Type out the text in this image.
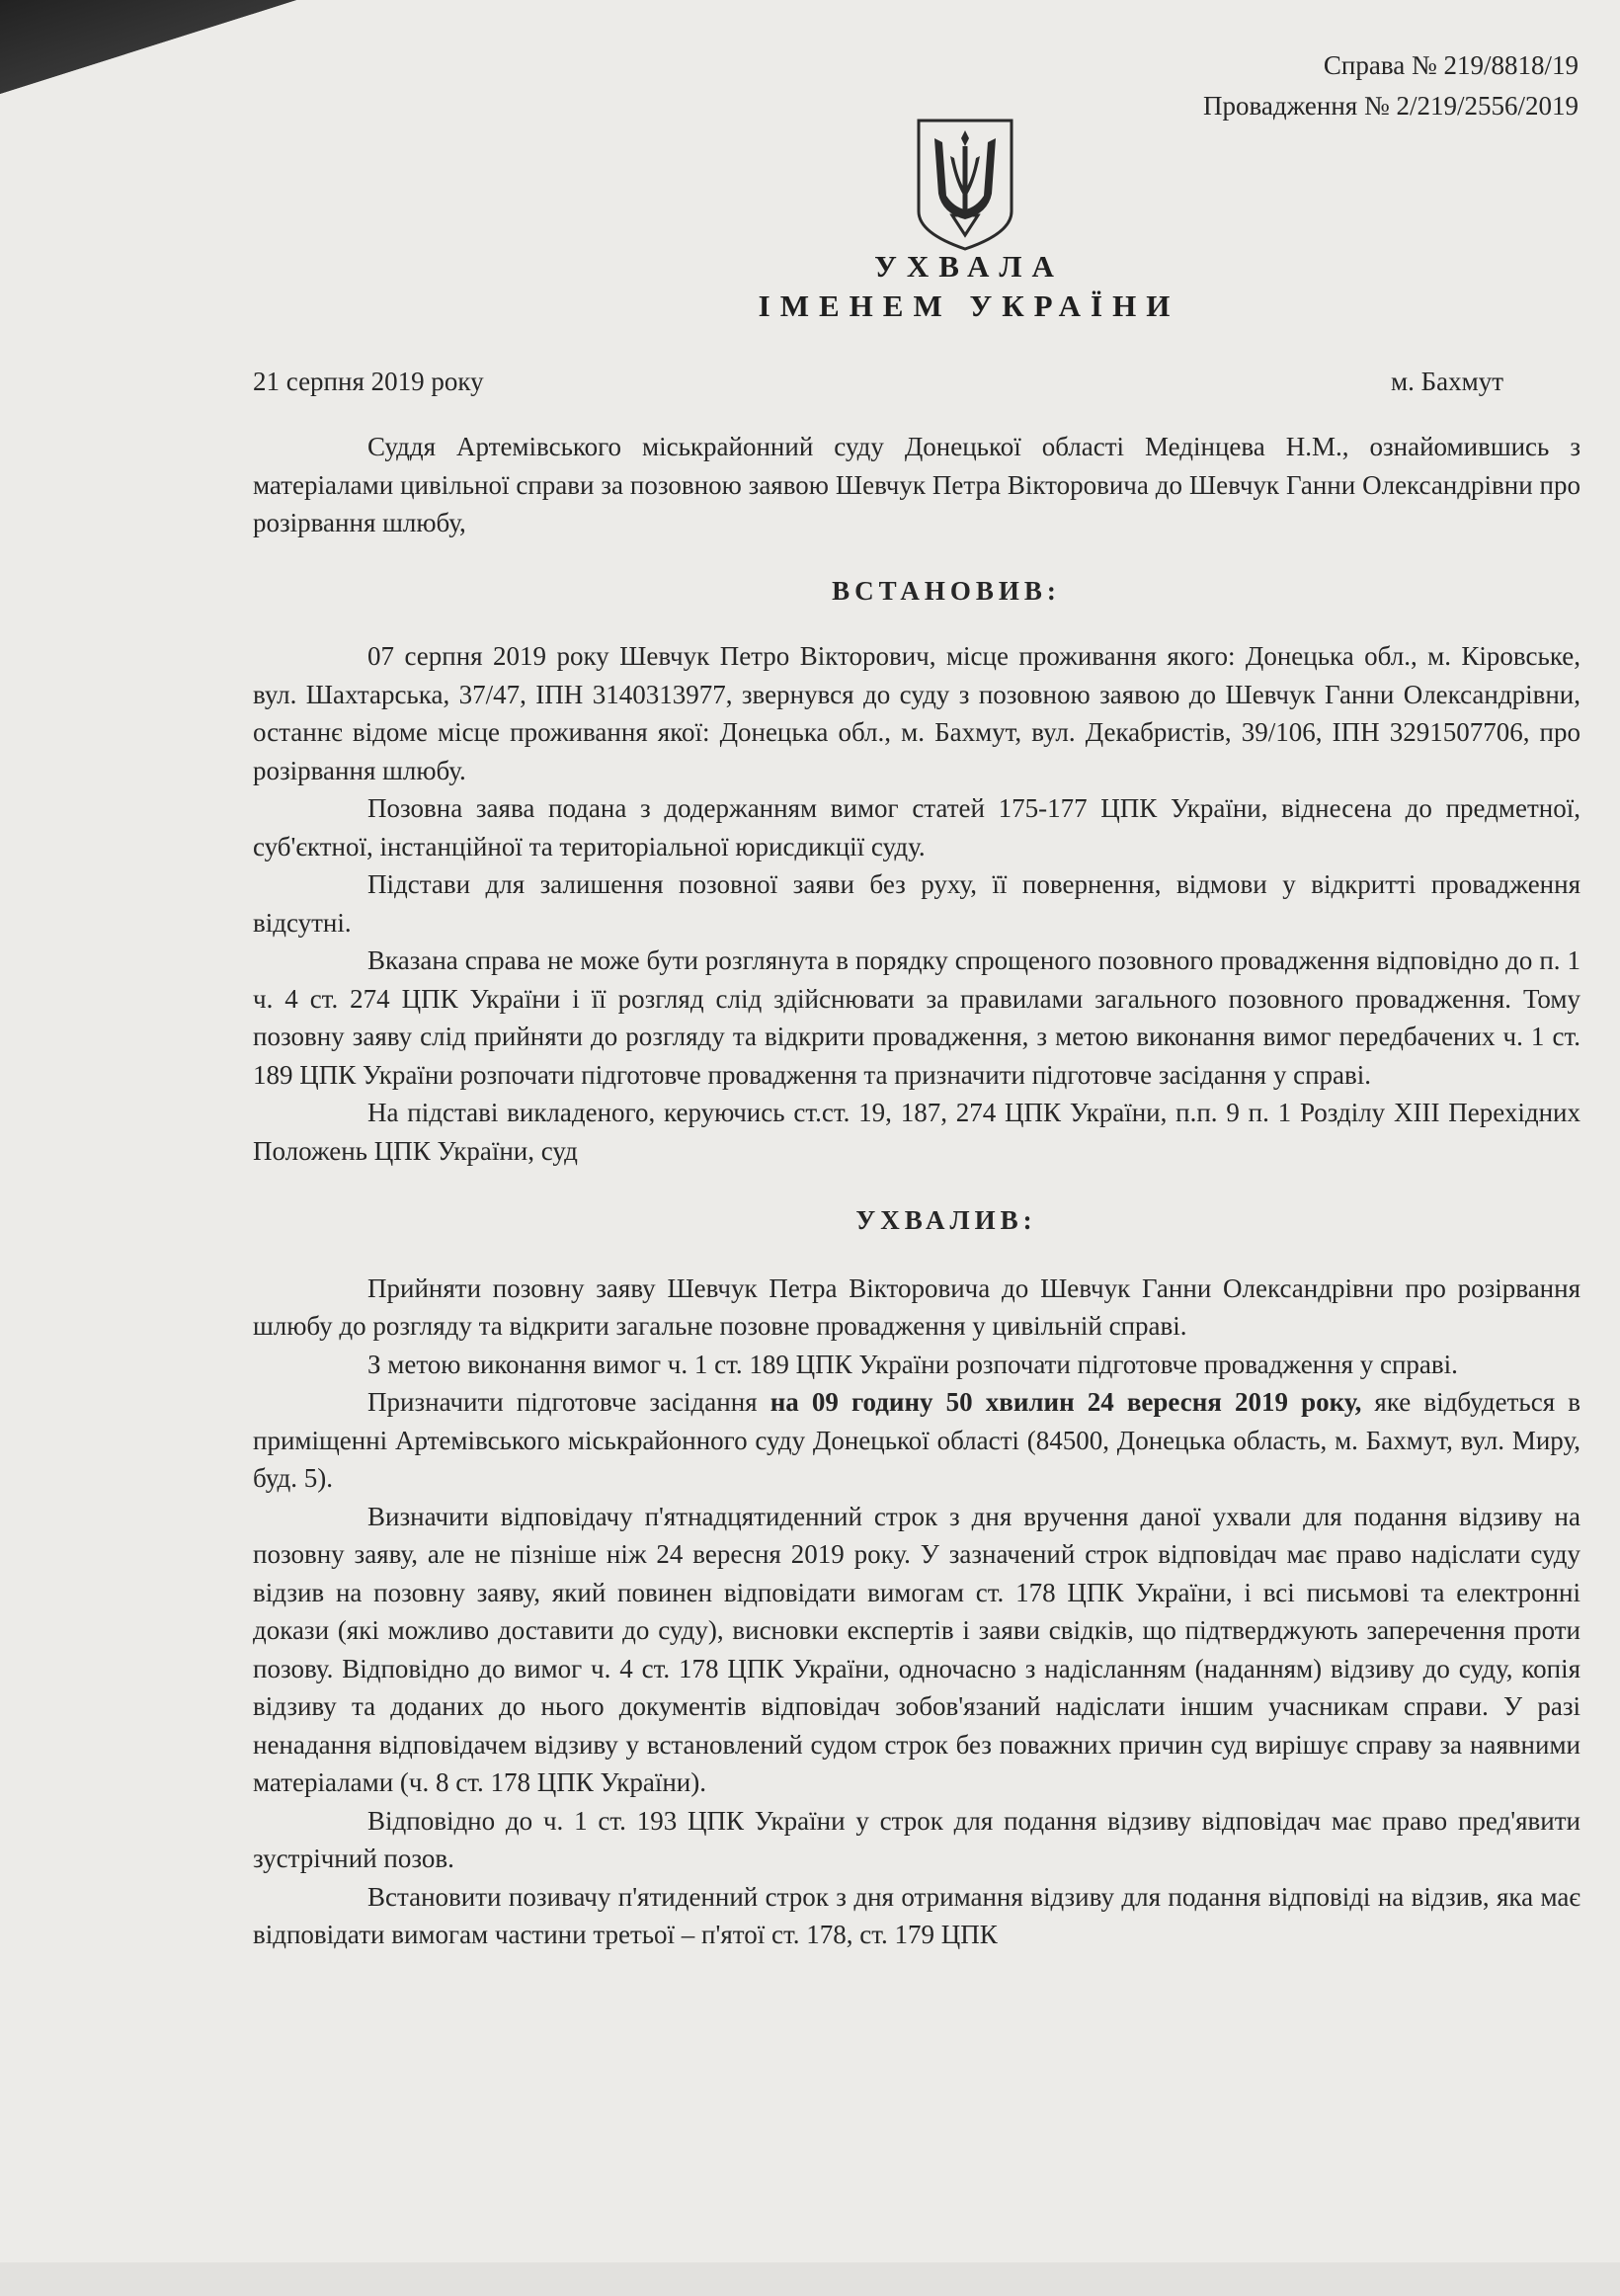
Справа № 219/8818/19
Провадження № 2/219/2556/2019
УХВАЛА
ІМЕНЕМ УКРАЇНИ
21 серпня 2019 року	м. Бахмут

Суддя Артемівського міськрайонний суду Донецької області Медінцева Н.М., ознайомившись з матеріалами цивільної справи за позовною заявою Шевчук Петра Вікторовича до Шевчук Ганни Олександрівни про розірвання шлюбу,

ВСТАНОВИВ:

07 серпня 2019 року Шевчук Петро Вікторович, місце проживання якого: Донецька обл., м. Кіровське, вул. Шахтарська, 37/47, ІПН 3140313977, звернувся до суду з позовною заявою до Шевчук Ганни Олександрівни, останнє відоме місце проживання якої: Донецька обл., м. Бахмут, вул. Декабристів, 39/106, ІПН 3291507706, про розірвання шлюбу.

Позовна заява подана з додержанням вимог статей 175-177 ЦПК України, віднесена до предметної, суб'єктної, інстанційної та територіальної юрисдикції суду.

Підстави для залишення позовної заяви без руху, її повернення, відмови у відкритті провадження відсутні.

Вказана справа не може бути розглянута в порядку спрощеного позовного провадження відповідно до п. 1 ч. 4 ст. 274 ЦПК України і її розгляд слід здійснювати за правилами загального позовного провадження. Тому позовну заяву слід прийняти до розгляду та відкрити провадження, з метою виконання вимог передбачених ч. 1 ст. 189 ЦПК України розпочати підготовче провадження та призначити підготовче засідання у справі.

На підставі викладеного, керуючись ст.ст. 19, 187, 274 ЦПК України, п.п. 9 п. 1 Розділу XIII Перехідних Положень ЦПК України, суд

УХВАЛИВ:

Прийняти позовну заяву Шевчук Петра Вікторовича до Шевчук Ганни Олександрівни про розірвання шлюбу до розгляду та відкрити загальне позовне провадження у цивільній справі.

З метою виконання вимог ч. 1 ст. 189 ЦПК України розпочати підготовче провадження у справі.

Призначити підготовче засідання на 09 годину 50 хвилин 24 вересня 2019 року, яке відбудеться в приміщенні Артемівського міськрайонного суду Донецької області (84500, Донецька область, м. Бахмут, вул. Миру, буд. 5).

Визначити відповідачу п'ятнадцятиденний строк з дня вручення даної ухвали для подання відзиву на позовну заяву, але не пізніше ніж 24 вересня 2019 року. У зазначений строк відповідач має право надіслати суду відзив на позовну заяву, який повинен відповідати вимогам ст. 178 ЦПК України, і всі письмові та електронні докази (які можливо доставити до суду), висновки експертів і заяви свідків, що підтверджують заперечення проти позову. Відповідно до вимог ч. 4 ст. 178 ЦПК України, одночасно з надісланням (наданням) відзиву до суду, копія відзиву та доданих до нього документів відповідач зобов'язаний надіслати іншим учасникам справи. У разі ненадання відповідачем відзиву у встановлений судом строк без поважних причин суд вирішує справу за наявними матеріалами (ч. 8 ст. 178 ЦПК України).

Відповідно до ч. 1 ст. 193 ЦПК України у строк для подання відзиву відповідач має право пред'явити зустрічний позов.

Встановити позивачу п'ятиденний строк з дня отримання відзиву для подання відповіді на відзив, яка має відповідати вимогам частини третьої – п'ятої ст. 178, ст. 179 ЦПК
